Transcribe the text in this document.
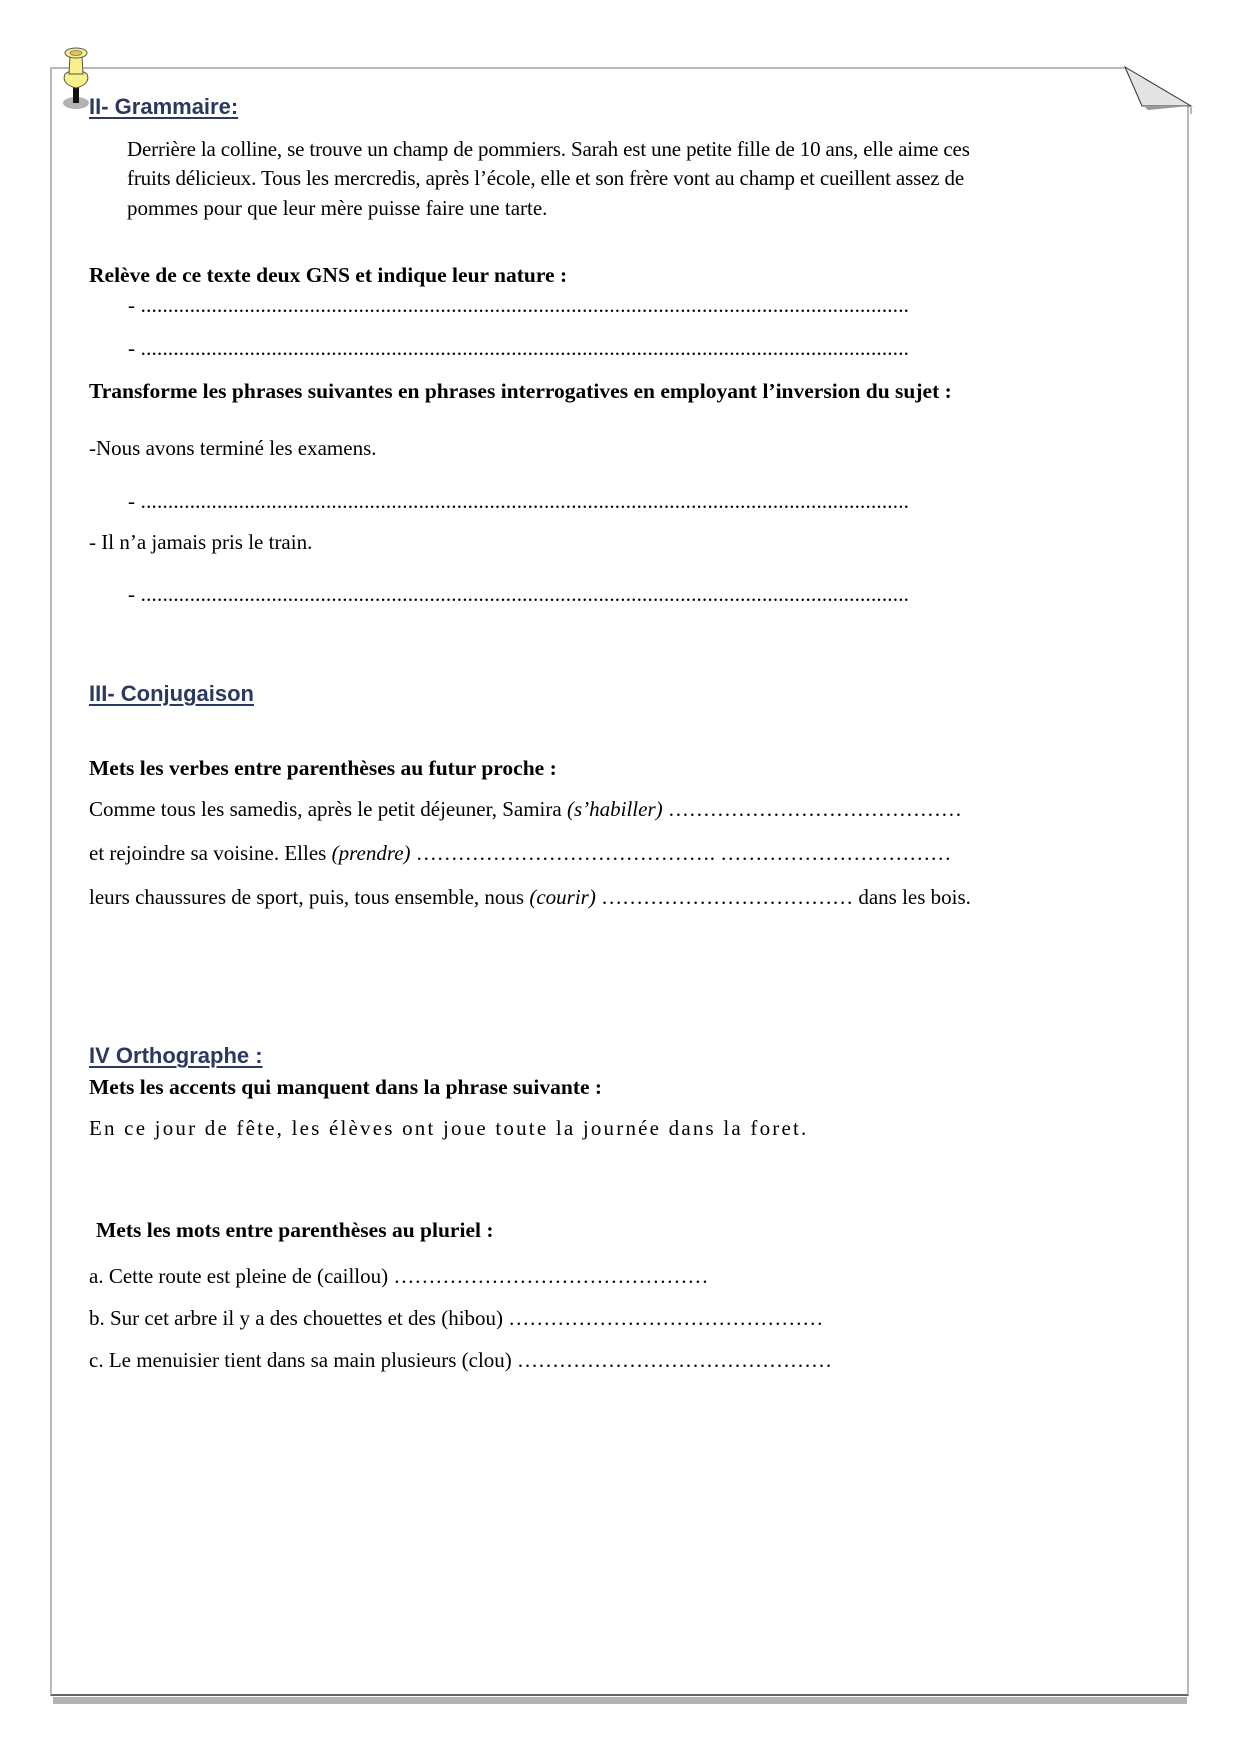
II- Grammaire:
Derrière la colline, se trouve un champ de pommiers. Sarah est une petite fille de 10 ans, elle aime ces
fruits délicieux. Tous les mercredis, après l’école, elle et son frère vont au champ et cueillent assez de
pommes pour que leur mère puisse faire une tarte.
Relève de ce texte deux GNS et indique leur nature :
- .............................................................................................................................................
- .............................................................................................................................................
Transforme les phrases suivantes en phrases interrogatives en employant l’inversion du sujet :
-Nous avons terminé les examens.
- .............................................................................................................................................
- Il n’a jamais pris le train.
- .............................................................................................................................................
III- Conjugaison
Mets les verbes entre parenthèses au futur proche :
Comme tous les samedis, après le petit déjeuner, Samira (s’habiller) ……………………………………
et rejoindre sa voisine. Elles (prendre) ……………………………………. ……………………………
leurs chaussures de sport, puis, tous ensemble, nous (courir) ……………………………… dans les bois.
IV Orthographe :
Mets les accents qui manquent dans la phrase suivante :
En ce jour de fête, les élèves ont joue toute la journée dans la foret.
Mets les mots entre parenthèses au pluriel :
a. Cette route est pleine de (caillou) ………………………………………
b. Sur cet arbre il y a des chouettes et des (hibou) ………………………………………
c. Le menuisier tient dans sa main plusieurs (clou) ………………………………………
